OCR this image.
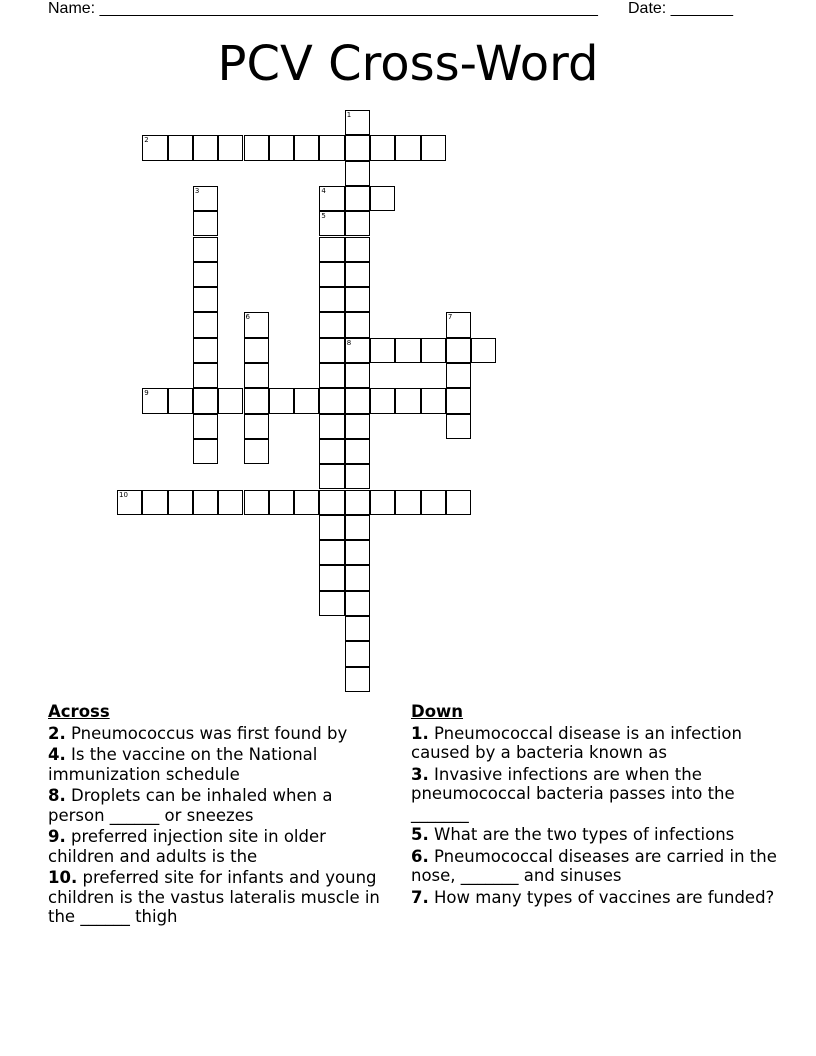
Name: ________________________________________________________ Date: _______
PCV Cross-Word
1
8
2
3	4
5
6	7
9
10
Across
2. Pneumococcus was first found by
4. Is the vaccine on the National immunization schedule
8. Droplets can be inhaled when a person ______ or sneezes
9. preferred injection site in older children and adults is the
10. preferred site for infants and young children is the vastus lateralis muscle in the ______ thigh
Down
1. Pneumococcal disease is an infection caused by a bacteria known as
3. Invasive infections are when the pneumococcal bacteria passes into the _______
5. What are the two types of infections
6. Pneumococcal diseases are carried in the nose, _______ and sinuses
7. How many types of vaccines are funded?
